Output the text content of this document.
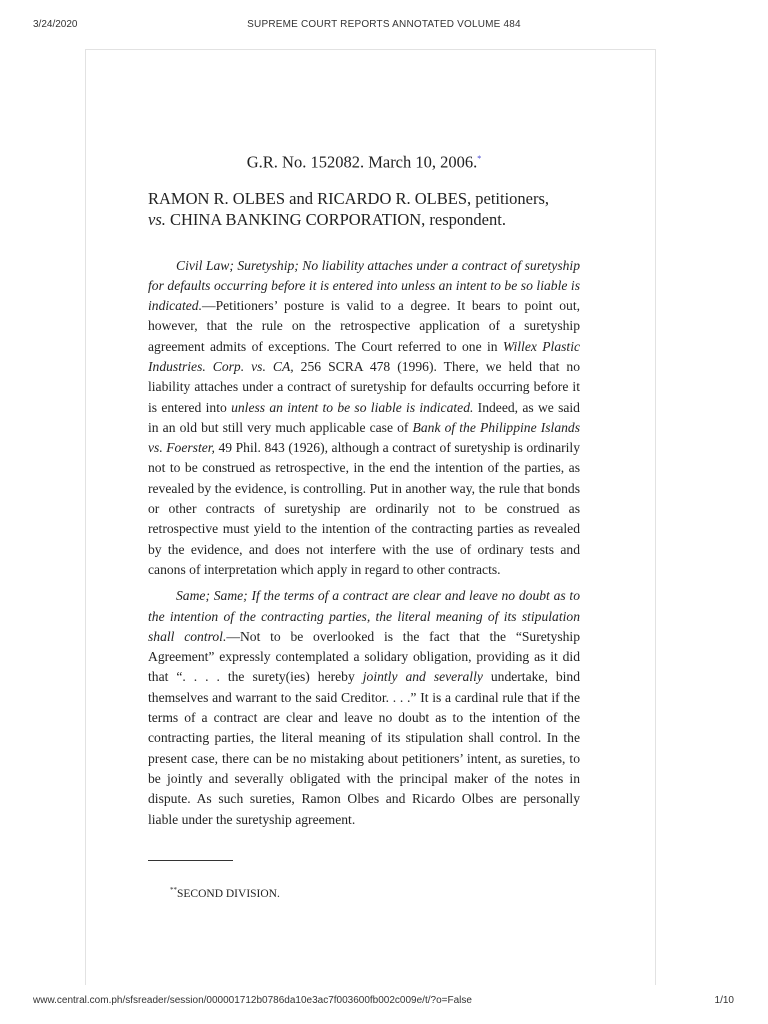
3/24/2020	SUPREME COURT REPORTS ANNOTATED VOLUME 484
G.R. No. 152082. March 10, 2006.*
RAMON R. OLBES and RICARDO R. OLBES, petitioners,
vs. CHINA BANKING CORPORATION, respondent.

Civil Law; Suretyship; No liability attaches under a contract of suretyship for defaults occurring before it is entered into unless an intent to be so liable is indicated.—Petitioners’ posture is valid to a degree. It bears to point out, however, that the rule on the retrospective application of a suretyship agreement admits of exceptions. The Court referred to one in Willex Plastic Industries. Corp. vs. CA, 256 SCRA 478 (1996). There, we held that no liability attaches under a contract of suretyship for defaults occurring before it is entered into unless an intent to be so liable is indicated. Indeed, as we said in an old but still very much applicable case of Bank of the Philippine Islands vs. Foerster, 49 Phil. 843 (1926), although a contract of suretyship is ordinarily not to be construed as retrospective, in the end the intention of the parties, as revealed by the evidence, is controlling. Put in another way, the rule that bonds or other contracts of suretyship are ordinarily not to be construed as retrospective must yield to the intention of the contracting parties as revealed by the evidence, and does not interfere with the use of ordinary tests and canons of interpretation which apply in regard to other contracts.

Same; Same; If the terms of a contract are clear and leave no doubt as to the intention of the contracting parties, the literal meaning of its stipulation shall control.—Not to be overlooked is the fact that the “Suretyship Agreement” expressly contemplated a solidary obligation, providing as it did that “. . . . the surety(ies) hereby jointly and severally undertake, bind themselves and warrant to the said Creditor. . . .” It is a cardinal rule that if the terms of a contract are clear and leave no doubt as to the intention of the contracting parties, the literal meaning of its stipulation shall control. In the present case, there can be no mistaking about petitioners’ intent, as sureties, to be jointly and severally obligated with the principal maker of the notes in dispute. As such sureties, Ramon Olbes and Ricardo Olbes are personally liable under the suretyship agreement.

**SECOND DIVISION.
www.central.com.ph/sfsreader/session/000001712b0786da10e3ac7f003600fb002c009e/t/?o=False	1/10
